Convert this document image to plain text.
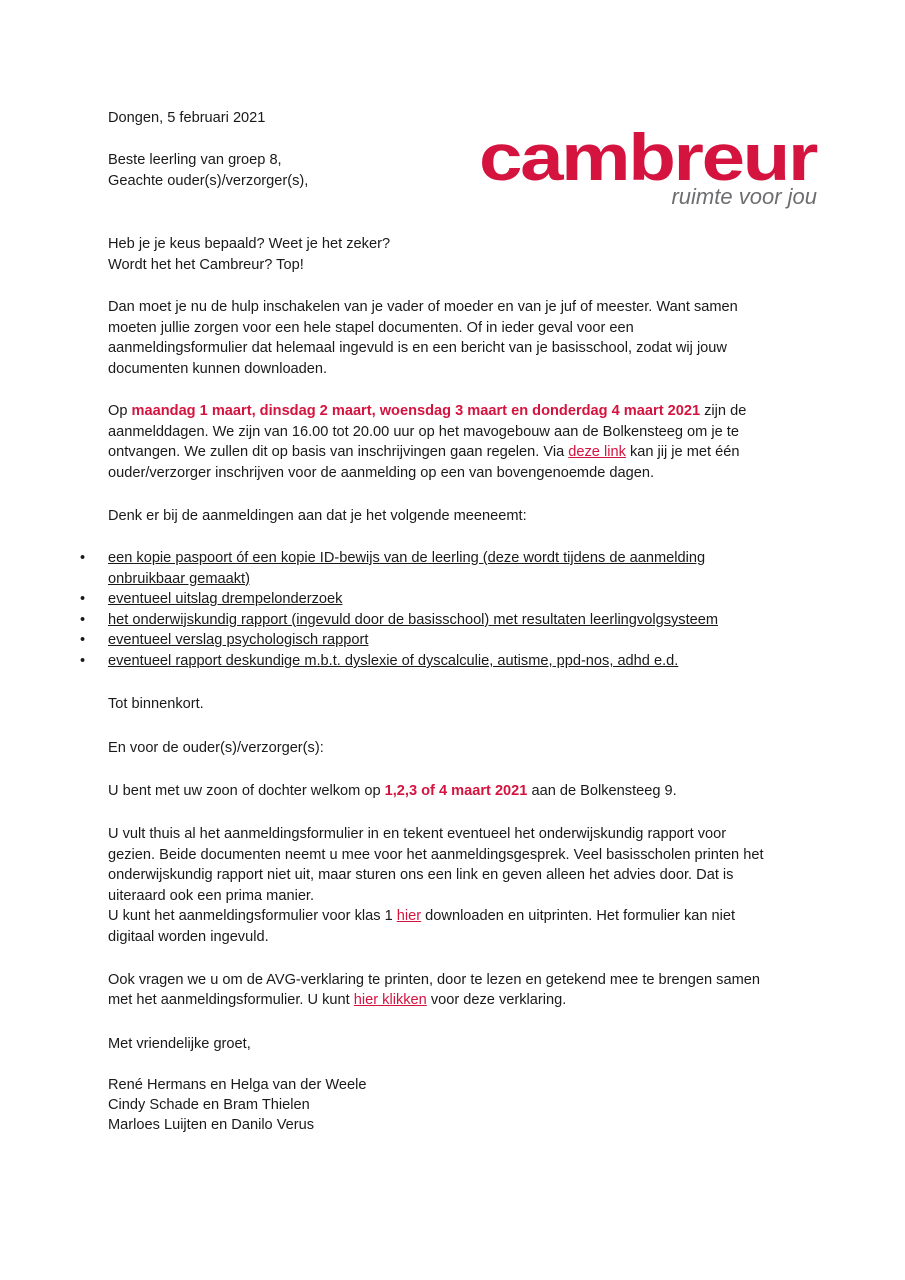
Dongen, 5 februari 2021

Beste leerling van groep 8,

Geachte ouder(s)/verzorger(s),	cambreur
ruimte voor jou

Heb je je keus bepaald? Weet je het zeker?

Wordt het het Cambreur? Top!

Dan moet je nu de hulp inschakelen van je vader of moeder en van je juf of meester. Want samen

moeten jullie zorgen voor een hele stapel documenten. Of in ieder geval voor een

aanmeldingsformulier dat helemaal ingevuld is en een bericht van je basisschool, zodat wij jouw

documenten kunnen downloaden.

Op maandag 1 maart, dinsdag 2 maart, woensdag 3 maart en donderdag 4 maart 2021 zijn de

aanmelddagen. We zijn van 16.00 tot 20.00 uur op het mavogebouw aan de Bolkensteeg om je te

ontvangen. We zullen dit op basis van inschrijvingen gaan regelen. Via deze link kan jij je met één

ouder/verzorger inschrijven voor de aanmelding op een van bovengenoemde dagen.

Denk er bij de aanmeldingen aan dat je het volgende meeneemt:

• een kopie paspoort óf een kopie ID-bewijs van de leerling (deze wordt tijdens de aanmelding
onbruikbaar gemaakt)
• eventueel uitslag drempelonderzoek
• het onderwijskundig rapport (ingevuld door de basisschool) met resultaten leerlingvolgsysteem
• eventueel verslag psychologisch rapport
• eventueel rapport deskundige m.b.t. dyslexie of dyscalculie, autisme, ppd-nos, adhd e.d.

Tot binnenkort.

En voor de ouder(s)/verzorger(s):

U bent met uw zoon of dochter welkom op 1,2,3 of 4 maart 2021 aan de Bolkensteeg 9.

U vult thuis al het aanmeldingsformulier in en tekent eventueel het onderwijskundig rapport voor

gezien. Beide documenten neemt u mee voor het aanmeldingsgesprek. Veel basisscholen printen het

onderwijskundig rapport niet uit, maar sturen ons een link en geven alleen het advies door. Dat is

uiteraard ook een prima manier.

U kunt het aanmeldingsformulier voor klas 1 hier downloaden en uitprinten. Het formulier kan niet

digitaal worden ingevuld.

Ook vragen we u om de AVG-verklaring te printen, door te lezen en getekend mee te brengen samen

met het aanmeldingsformulier. U kunt hier klikken voor deze verklaring.

Met vriendelijke groet,

René Hermans en Helga van der Weele

Cindy Schade en Bram Thielen

Marloes Luijten en Danilo Verus
